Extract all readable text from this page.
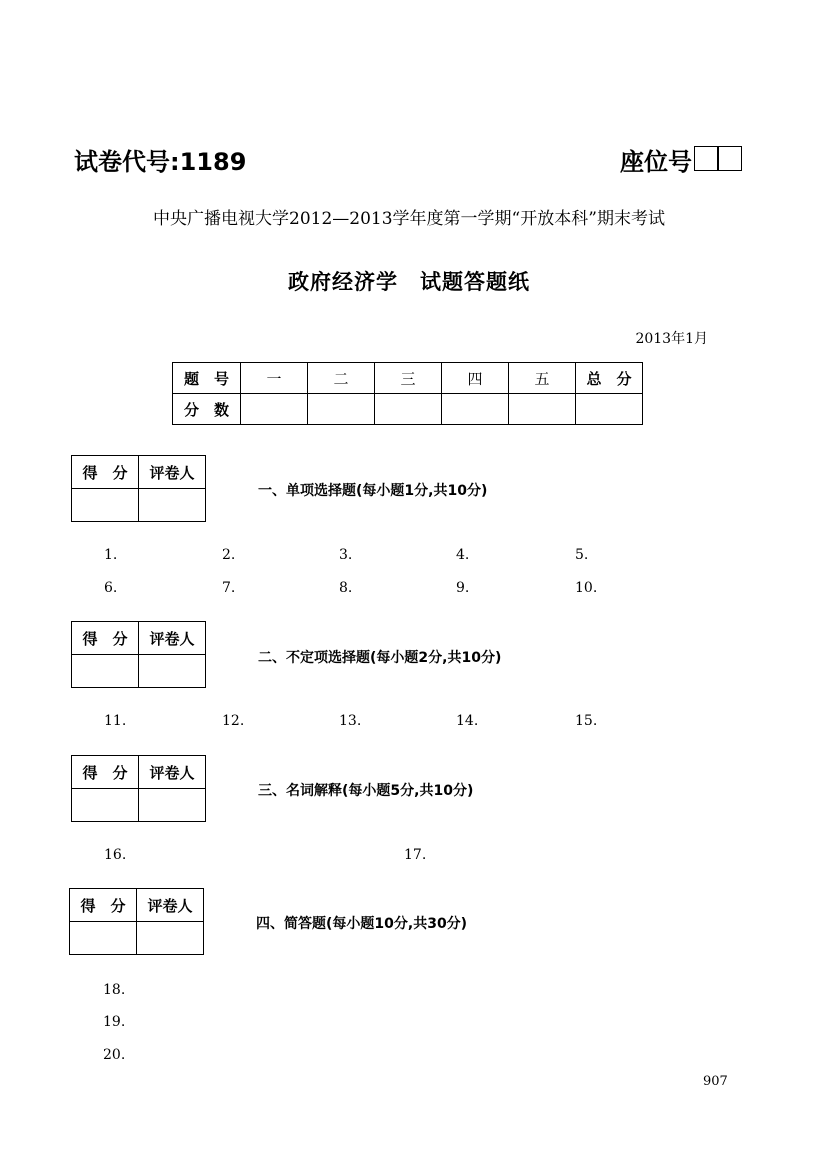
试卷代号:1189	座位号
中央广播电视大学2012—2013学年度第一学期“开放本科”期末考试
政府经济学　试题答题纸
2013年1月
题　号	一	二	三	四	五	总　分
分　数						
得　分	评卷人

一、单项选择题(每小题1分,共10分)
1.	2.	3.	4.	5.
6.	7.	8.	9.	10.
得　分	评卷人

二、不定项选择题(每小题2分,共10分)
11.	12.	13.	14.	15.
得　分	评卷人

三、名词解释(每小题5分,共10分)
16.	17.
得　分	评卷人

四、简答题(每小题10分,共30分)
18.
19.
20.
907
